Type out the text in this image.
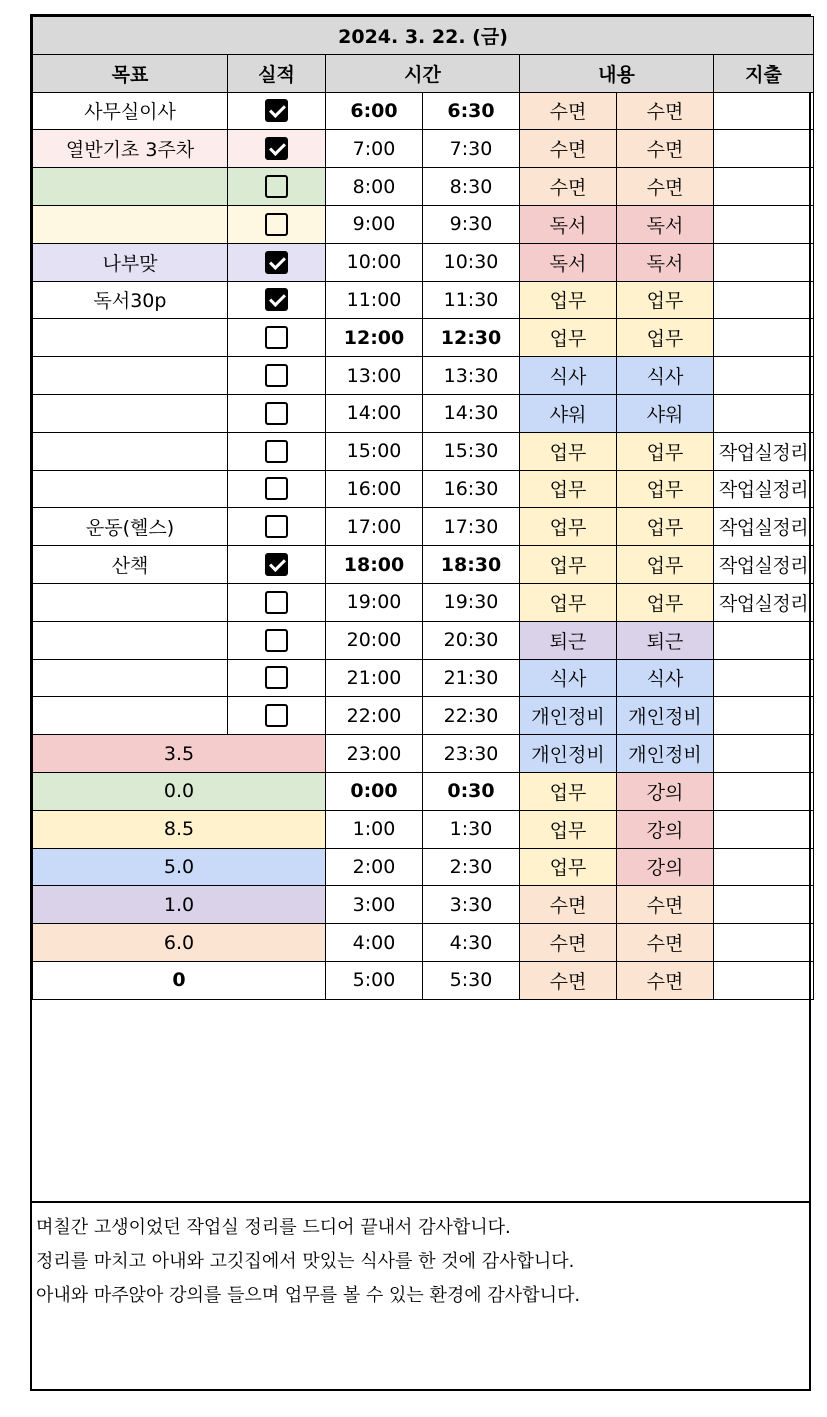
2024. 3. 22. (금)						
목표	실적	시간		내용		지출
사무실이사		6:00	6:30	수면	수면	
열반기초 3주차		7:00	7:30	수면	수면	
		8:00	8:30	수면	수면	
		9:00	9:30	독서	독서	
나부맞		10:00	10:30	독서	독서	
독서30p		11:00	11:30	업무	업무	
		12:00	12:30	업무	업무	
		13:00	13:30	식사	식사	
		14:00	14:30	샤워	샤워	
		15:00	15:30	업무	업무	작업실정리
		16:00	16:30	업무	업무	작업실정리
운동(헬스)		17:00	17:30	업무	업무	작업실정리
산책		18:00	18:30	업무	업무	작업실정리
		19:00	19:30	업무	업무	작업실정리
		20:00	20:30	퇴근	퇴근	
		21:00	21:30	식사	식사	
		22:00	22:30	개인정비	개인정비	
3.5		23:00	23:30	개인정비	개인정비	
0.0		0:00	0:30	업무	강의	
8.5		1:00	1:30	업무	강의	
5.0		2:00	2:30	업무	강의	
1.0		3:00	3:30	수면	수면	
6.0		4:00	4:30	수면	수면	
0		5:00	5:30	수면	수면	
며칠간 고생이었던 작업실 정리를 드디어 끝내서 감사합니다.
정리를 마치고 아내와 고깃집에서 맛있는 식사를 한 것에 감사합니다.
아내와 마주앉아 강의를 들으며 업무를 볼 수 있는 환경에 감사합니다.
